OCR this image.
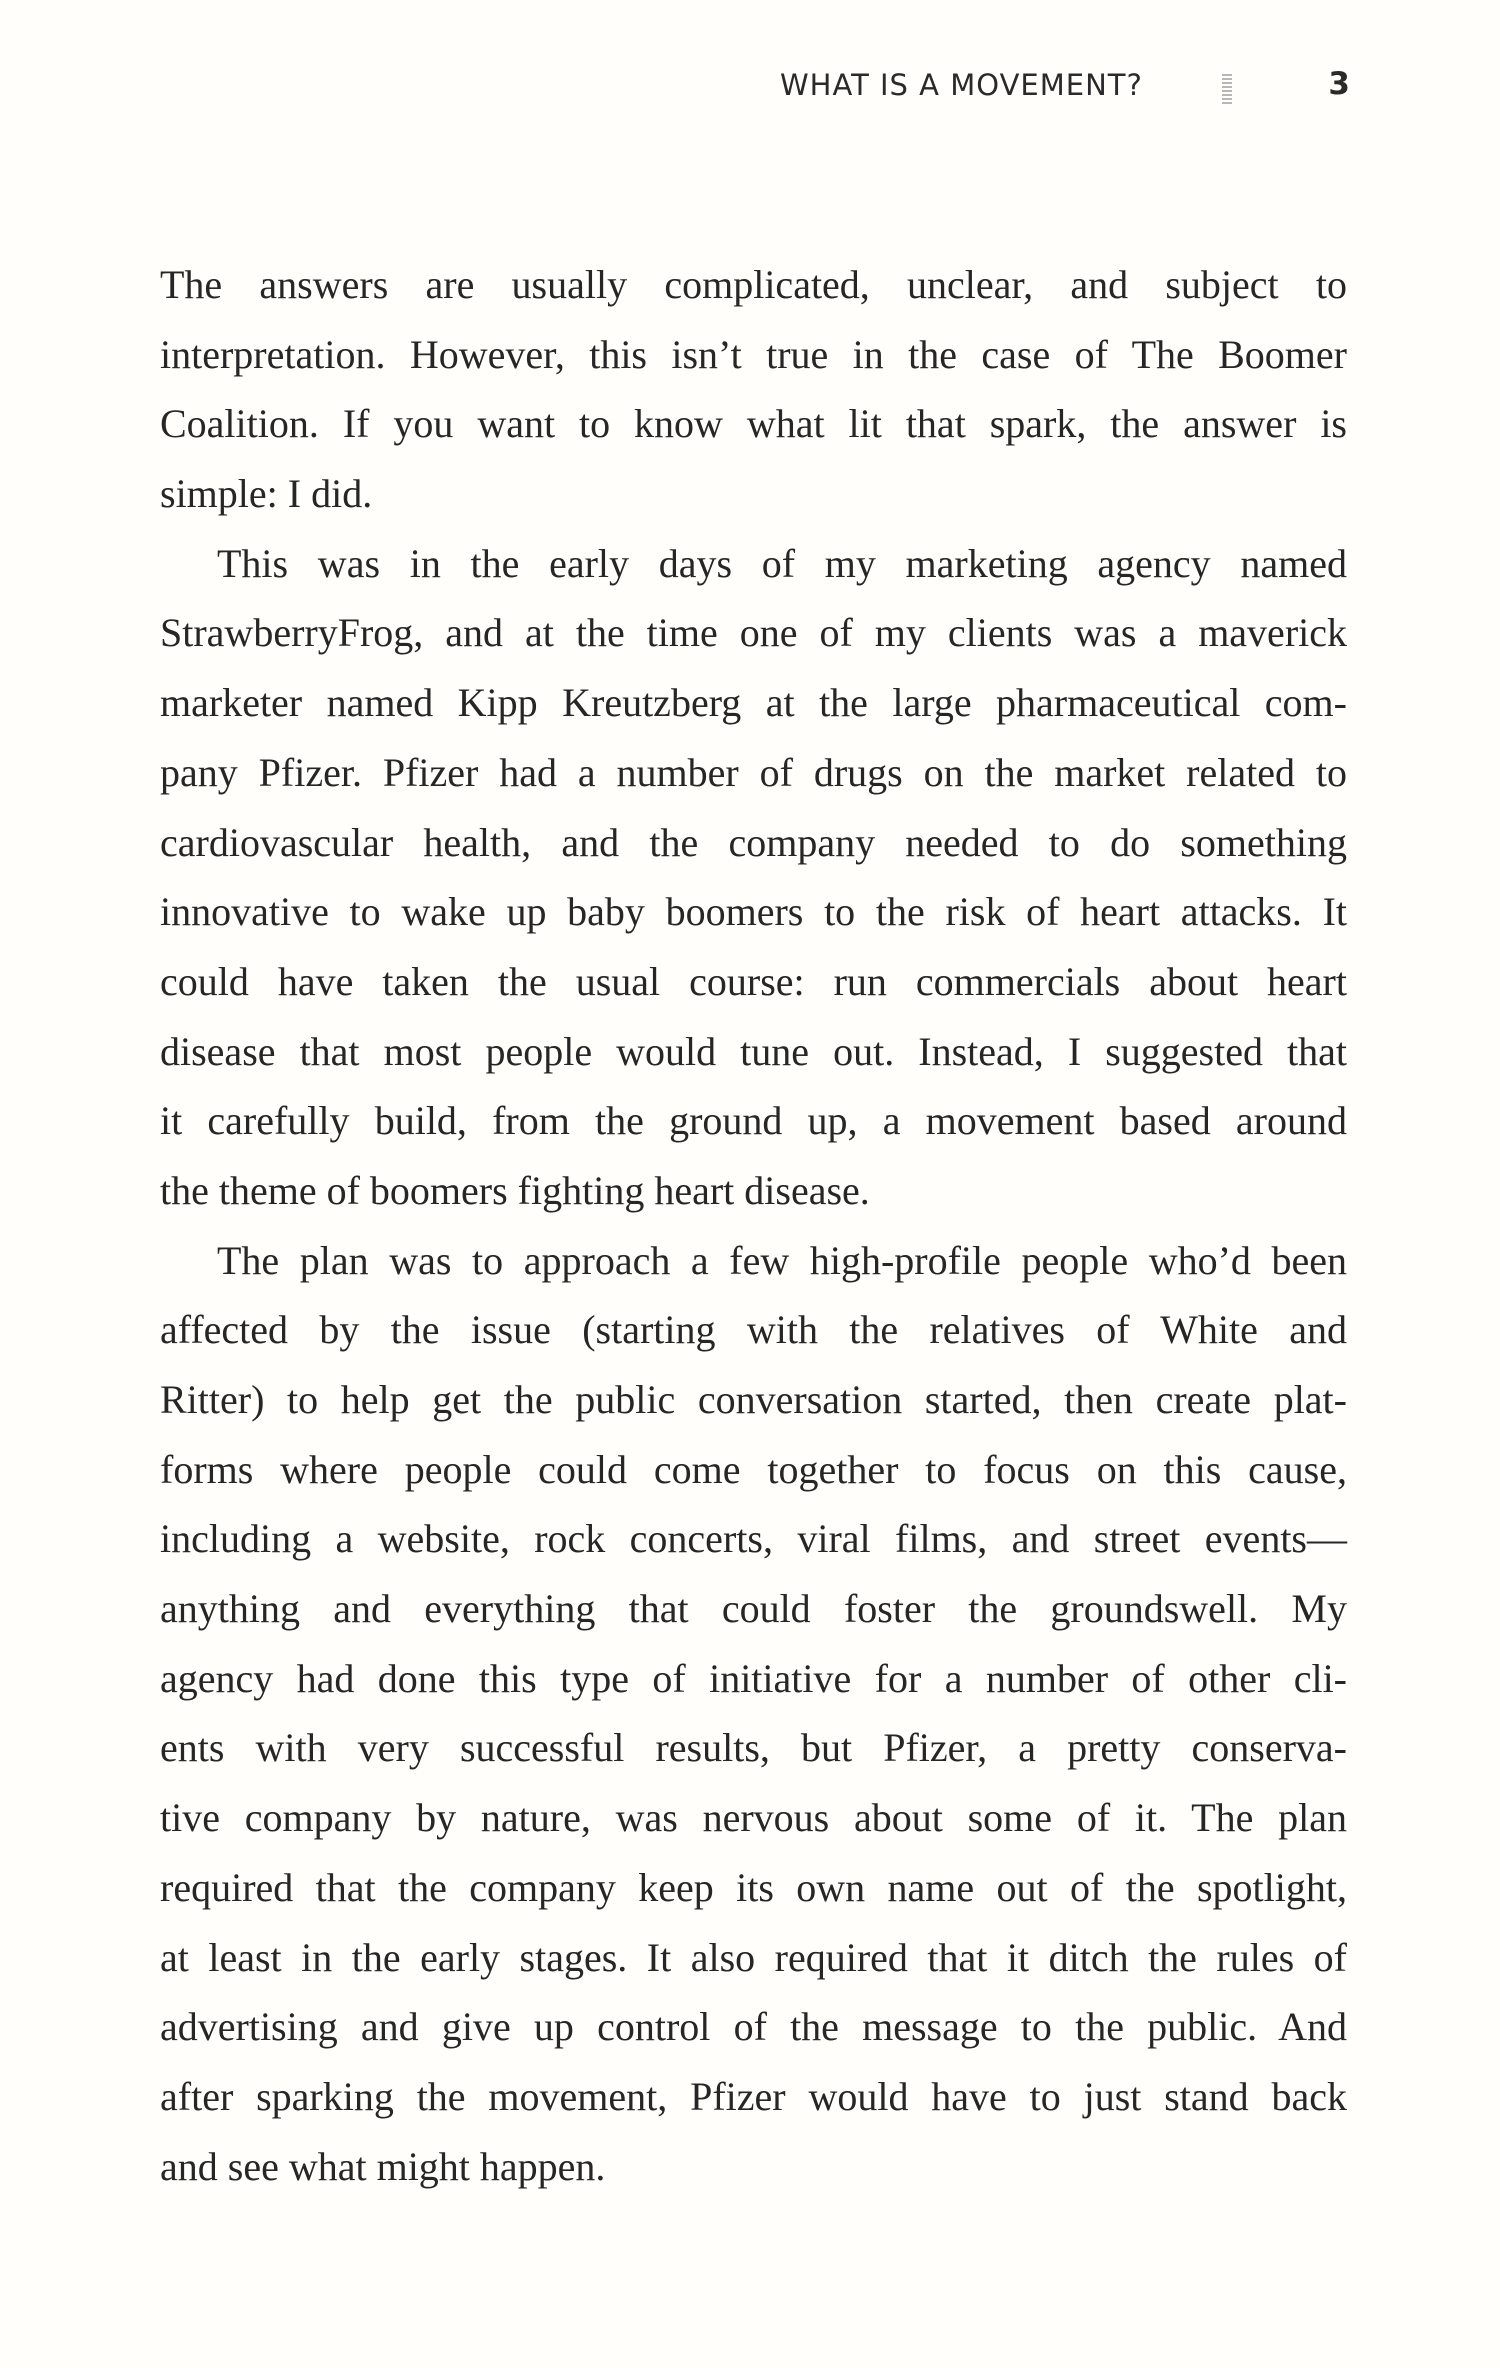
WHAT IS A MOVEMENT?	3
The answers are usually complicated, unclear, and subject to
interpretation. However, this isn’t true in the case of The Boomer
Coalition. If you want to know what lit that spark, the answer is
simple: I did.
This was in the early days of my marketing agency named
StrawberryFrog, and at the time one of my clients was a maverick
marketer named Kipp Kreutzberg at the large pharmaceutical com-
pany Pfizer. Pfizer had a number of drugs on the market related to
cardiovascular health, and the company needed to do something
innovative to wake up baby boomers to the risk of heart attacks. It
could have taken the usual course: run commercials about heart
disease that most people would tune out. Instead, I suggested that
it carefully build, from the ground up, a movement based around
the theme of boomers fighting heart disease.
The plan was to approach a few high-profile people who’d been
affected by the issue (starting with the relatives of White and
Ritter) to help get the public conversation started, then create plat-
forms where people could come together to focus on this cause,
including a website, rock concerts, viral films, and street events—
anything and everything that could foster the groundswell. My
agency had done this type of initiative for a number of other cli-
ents with very successful results, but Pfizer, a pretty conserva-
tive company by nature, was nervous about some of it. The plan
required that the company keep its own name out of the spotlight,
at least in the early stages. It also required that it ditch the rules of
advertising and give up control of the message to the public. And
after sparking the movement, Pfizer would have to just stand back
and see what might happen.
